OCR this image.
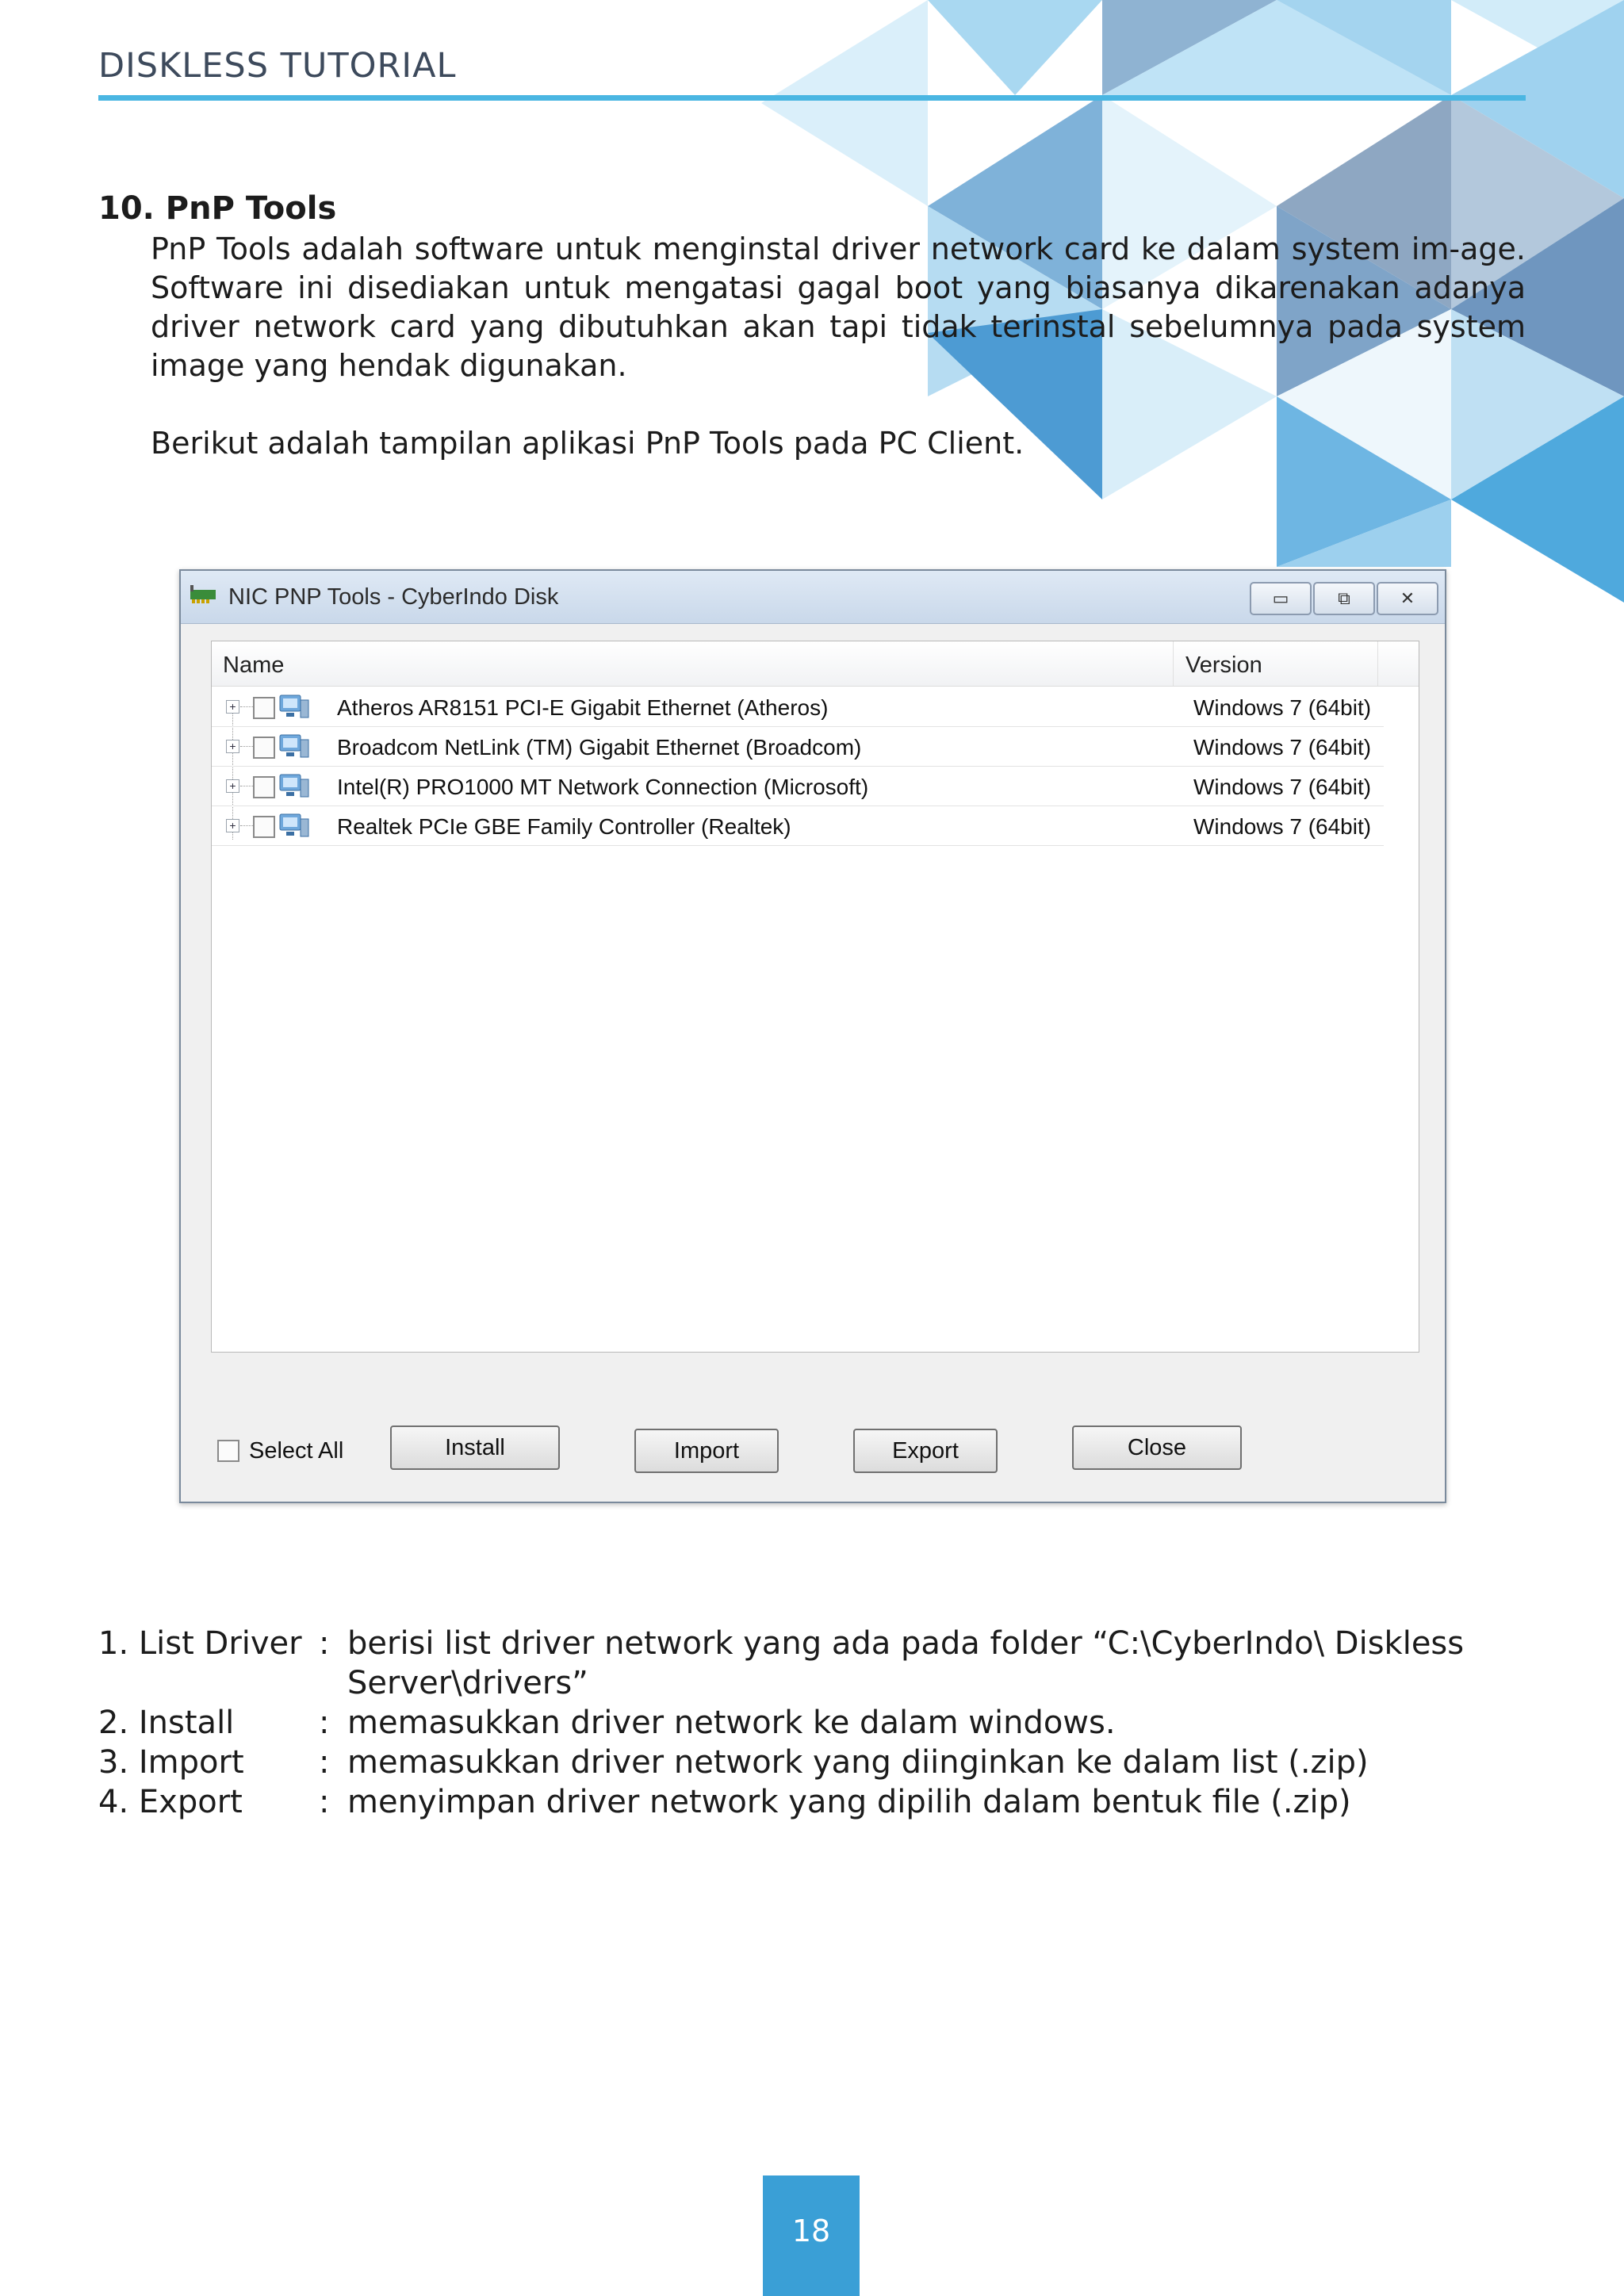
DISKLESS TUTORIAL
10. PnP Tools
PnP Tools adalah software untuk menginstal driver network card ke dalam system im-age. Software ini disediakan untuk mengatasi gagal boot yang biasanya dikarenakan adanya driver network card yang dibutuhkan akan tapi tidak terinstal sebelumnya pada system image yang hendak digunakan.
Berikut adalah tampilan aplikasi PnP Tools pada PC Client.
NIC PNP Tools - CyberIndo Disk	▭	⧉	✕
Name	Version
+	Atheros AR8151 PCI-E Gigabit Ethernet (Atheros)	Windows 7 (64bit)
+	Broadcom NetLink (TM) Gigabit Ethernet (Broadcom)	Windows 7 (64bit)
+	Intel(R) PRO1000 MT Network Connection (Microsoft)	Windows 7 (64bit)
+	Realtek PCIe GBE Family Controller (Realtek)	Windows 7 (64bit)
Select All	Install	Import	Export	Close
1. List Driver : berisi list driver network yang ada pada folder “C:\CyberIndo\ Diskless Server\drivers”
2. Install	: memasukkan driver network ke dalam windows.
3. Import : memasukkan driver network yang diinginkan ke dalam list (.zip)
4. Export : menyimpan driver network yang dipilih dalam bentuk file (.zip)
18
